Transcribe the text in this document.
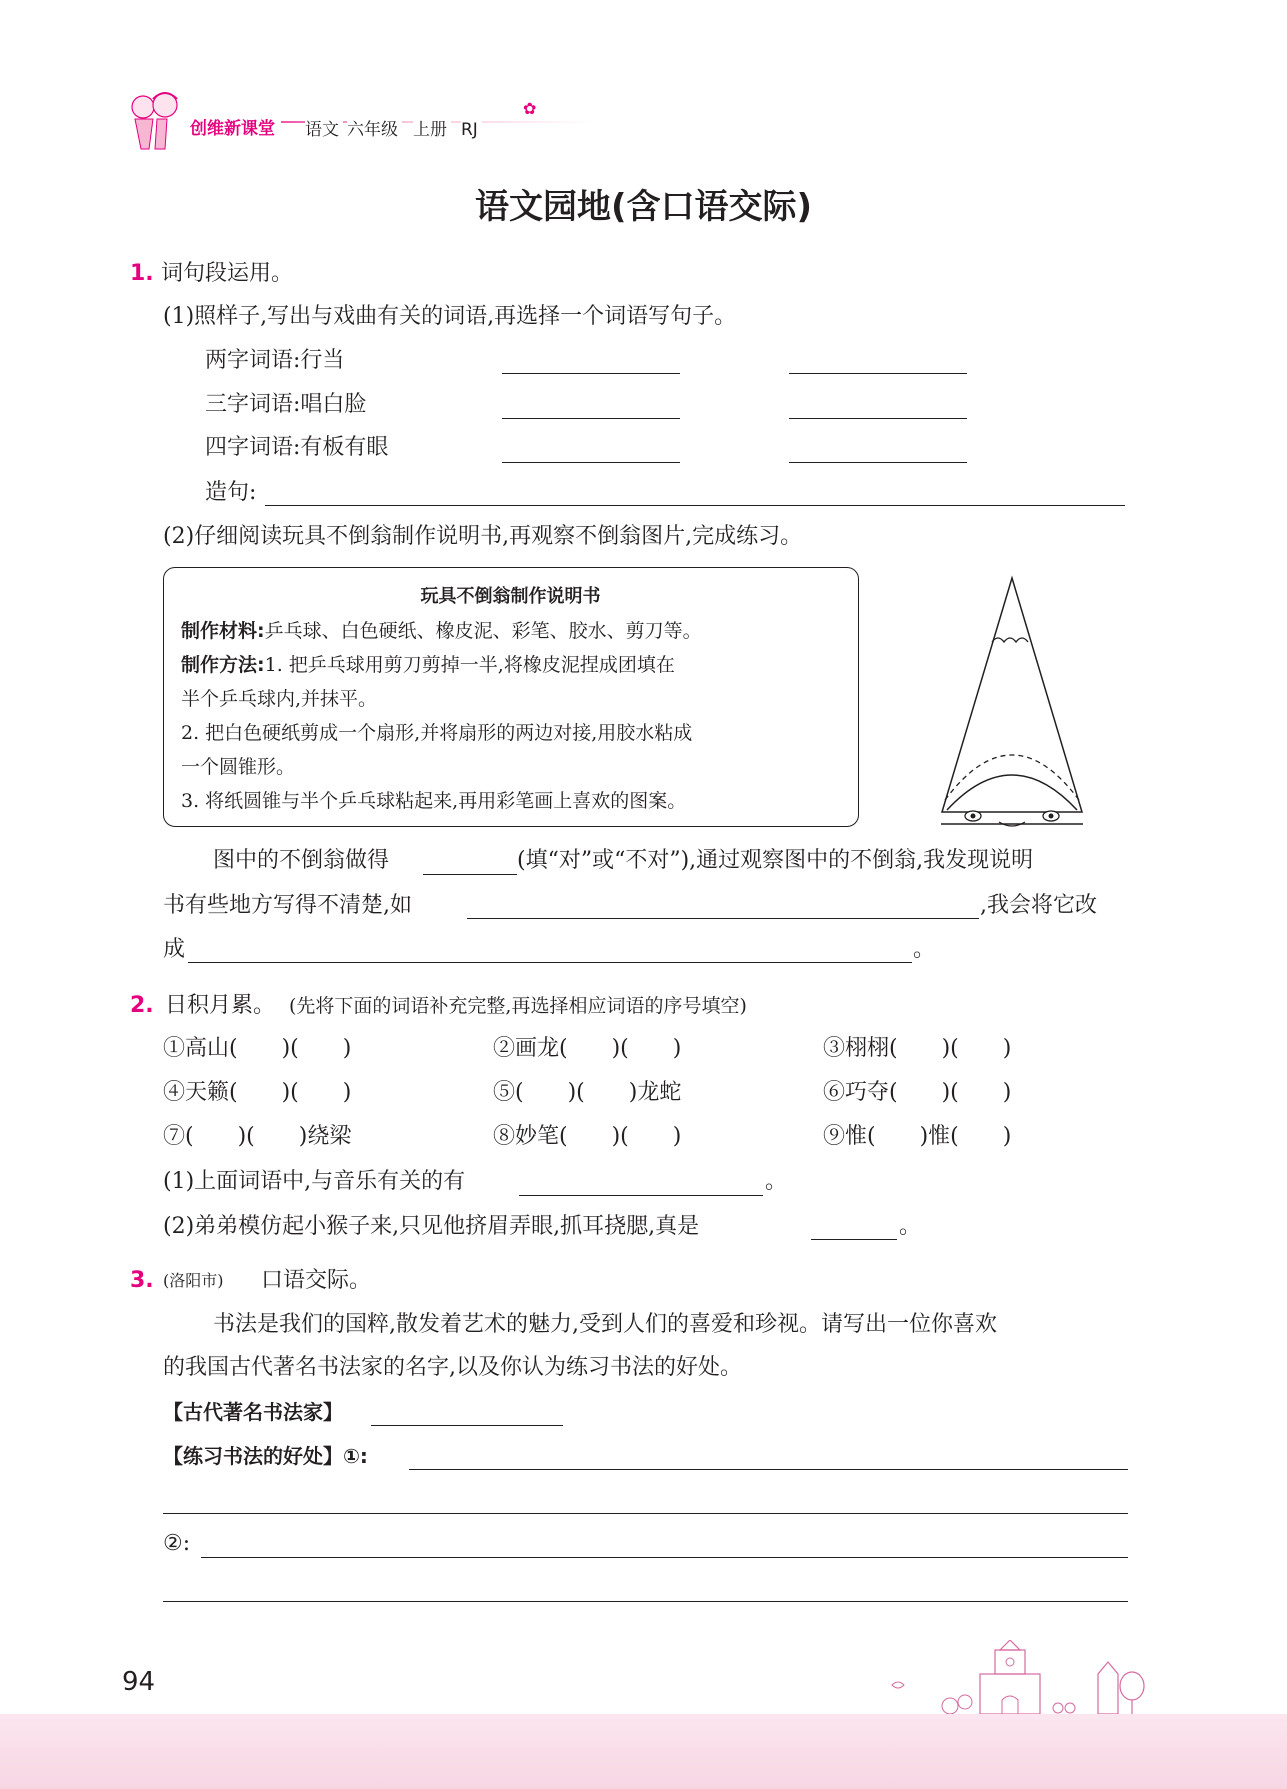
创维新课堂	语文 六年级 上册 RJ
✿
语文园地(含口语交际)
1. 词句段运用。
(1)照样子,写出与戏曲有关的词语,再选择一个词语写句子。
两字词语:行当
三字词语:唱白脸
四字词语:有板有眼
造句:
(2)仔细阅读玩具不倒翁制作说明书,再观察不倒翁图片,完成练习。
玩具不倒翁制作说明书
制作材料:乒乓球、白色硬纸、橡皮泥、彩笔、胶水、剪刀等。
制作方法:1. 把乒乓球用剪刀剪掉一半,将橡皮泥捏成团填在
半个乒乓球内,并抹平。
2. 把白色硬纸剪成一个扇形,并将扇形的两边对接,用胶水粘成
一个圆锥形。
3. 将纸圆锥与半个乒乓球粘起来,再用彩笔画上喜欢的图案。
图中的不倒翁做得	(填“对”或“不对”),通过观察图中的不倒翁,我发现说明
书有些地方写得不清楚,如	,我会将它改
成	。
2. 日积月累。 (先将下面的词语补充完整,再选择相应词语的序号填空)
①高山(　　)(　　)	②画龙(　　)(　　)	③栩栩(　　)(　　)
④天籁(　　)(　　)	⑤(　　)(　　)龙蛇	⑥巧夺(　　)(　　)
⑦(　　)(　　)绕梁	⑧妙笔(　　)(　　)	⑨惟(　　)惟(　　)
(1)上面词语中,与音乐有关的有	。
(2)弟弟模仿起小猴子来,只见他挤眉弄眼,抓耳挠腮,真是	。
3. (洛阳市) 口语交际。
书法是我们的国粹,散发着艺术的魅力,受到人们的喜爱和珍视。请写出一位你喜欢
的我国古代著名书法家的名字,以及你认为练习书法的好处。
【古代著名书法家】
【练习书法的好处】①:
②:
94
